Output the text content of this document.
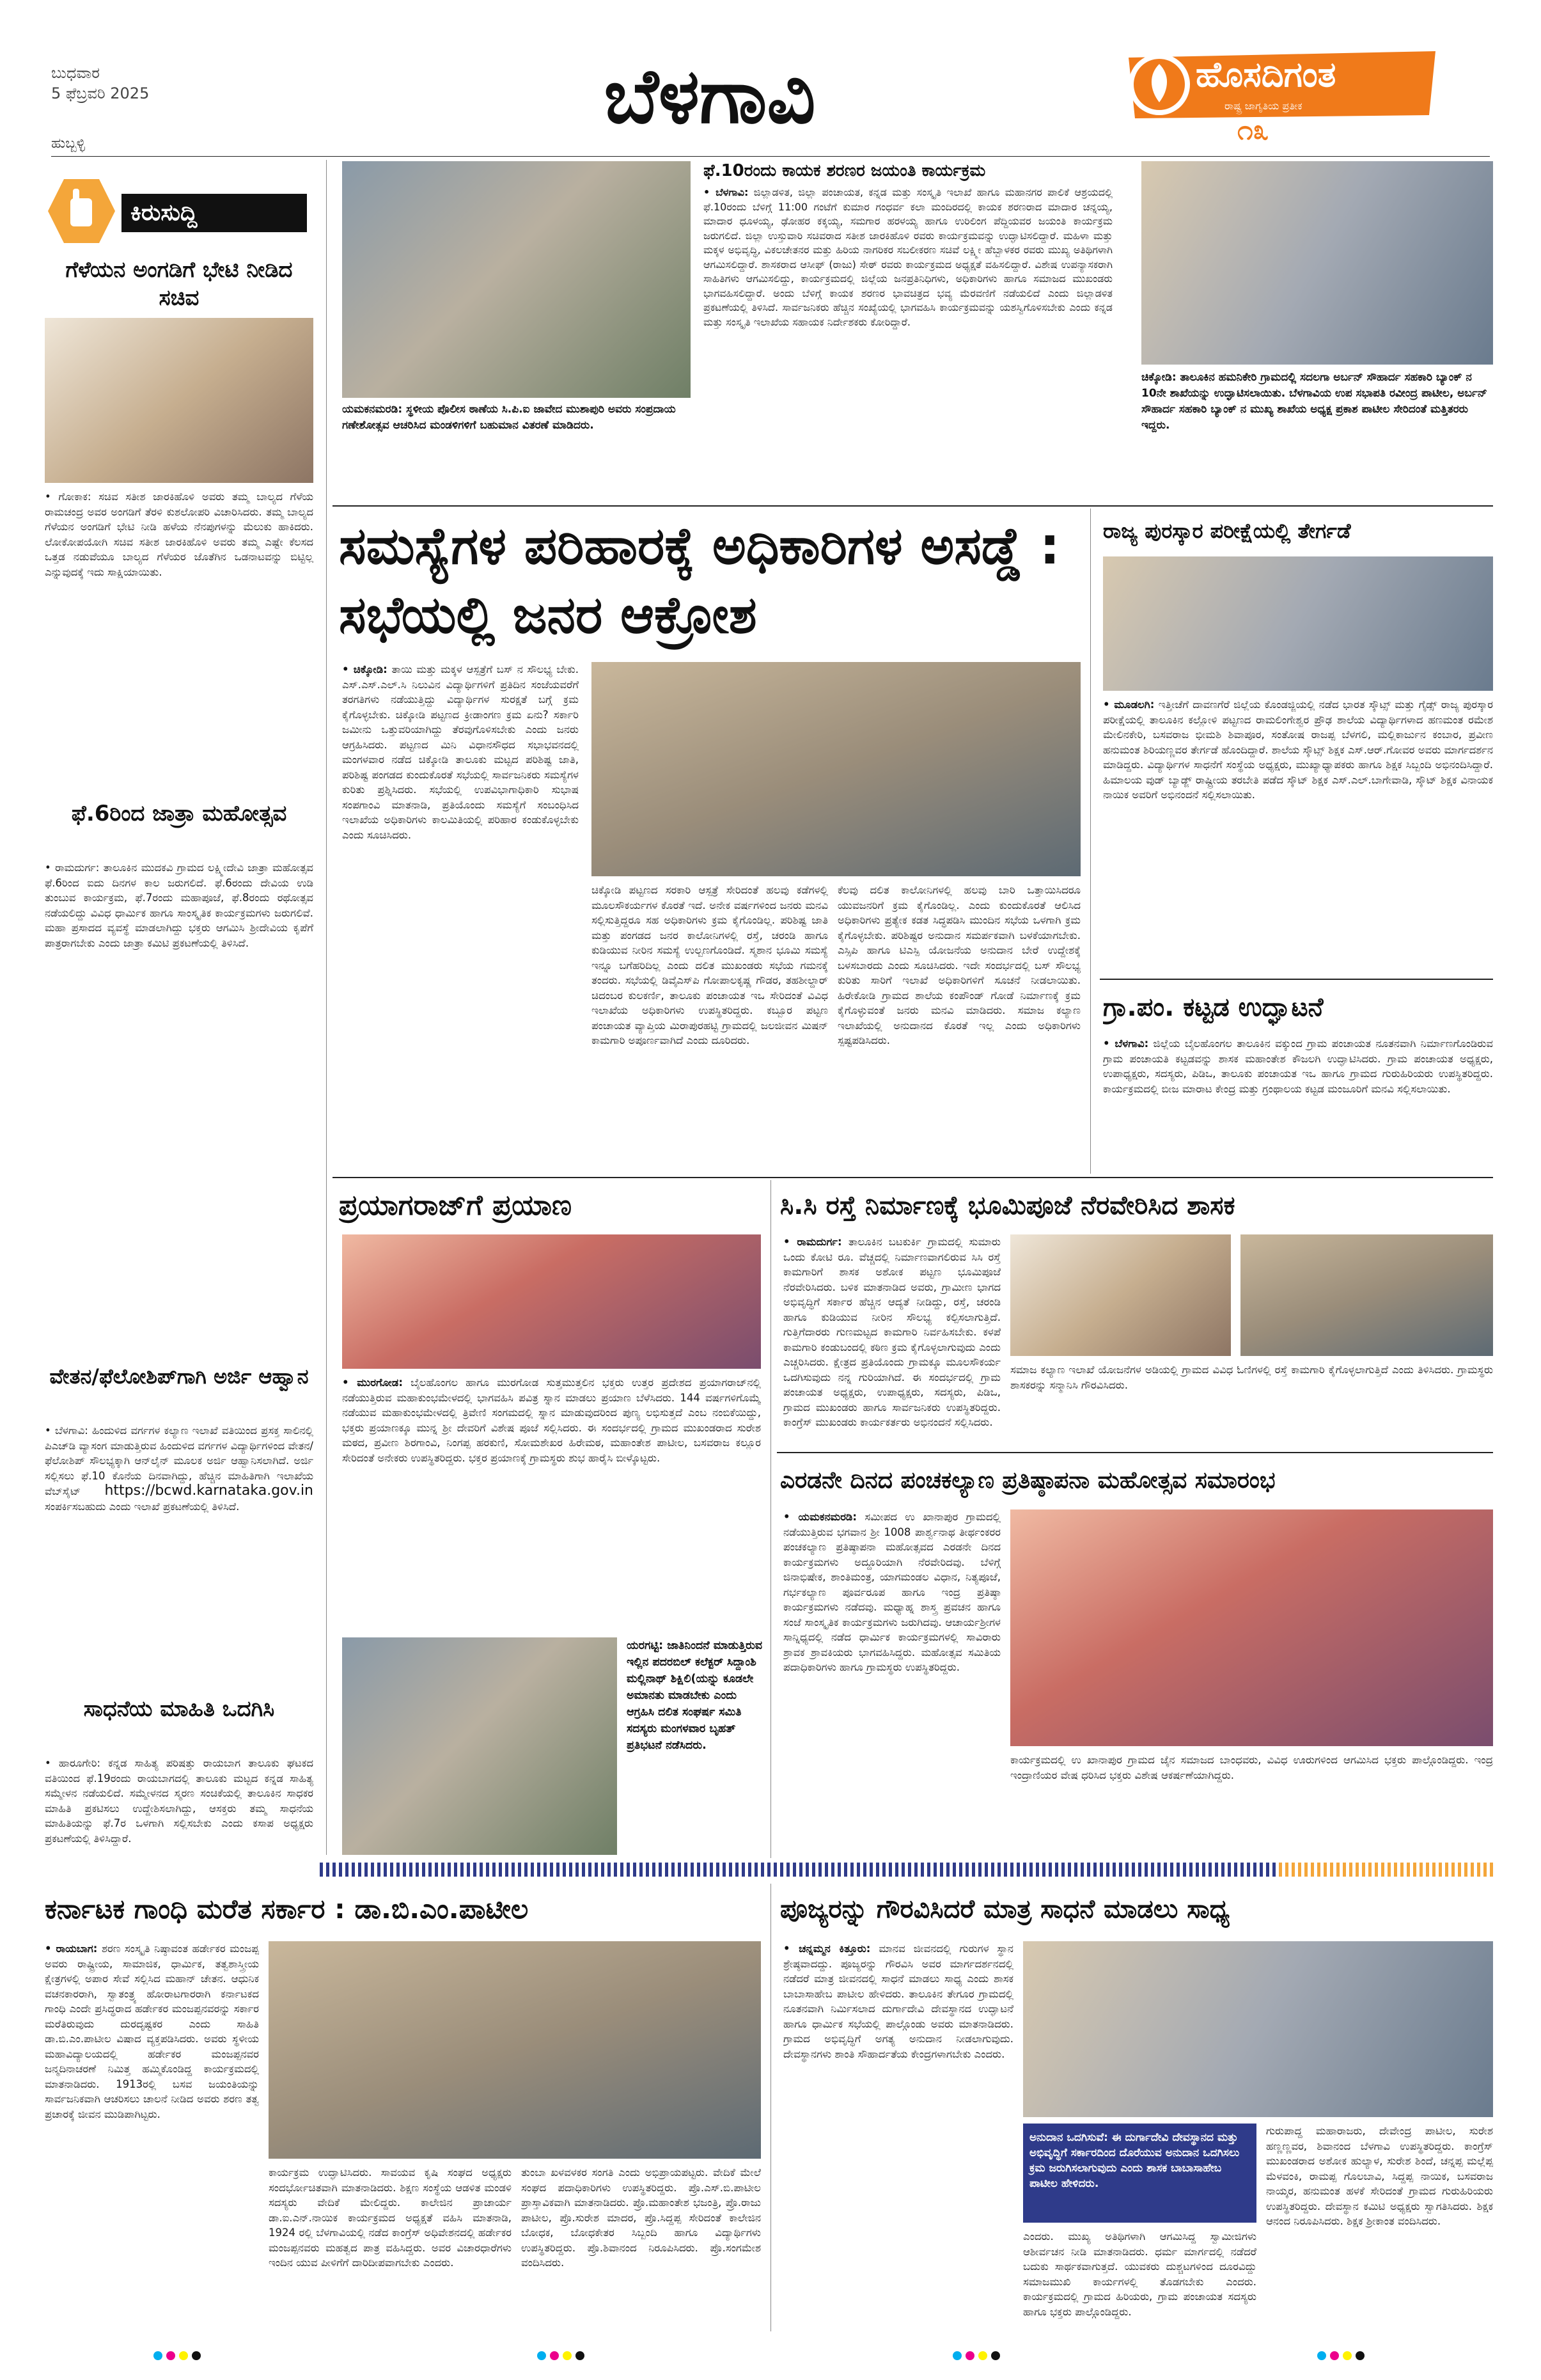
ಬುಧವಾರ
5 ಫೆಬ್ರವರಿ 2025	ಬೆಳಗಾವಿ	ಹೊಸದಿಗಂತ
ರಾಷ್ಟ್ರ ಜಾಗೃತಿಯ ಪ್ರತೀಕ
೧೩
ಹುಬ್ಬಳ್ಳಿ
ಕಿರುಸುದ್ದಿ
ಗೆಳೆಯನ ಅಂಗಡಿಗೆ ಭೇಟಿ ನೀಡಿದ ಸಚಿವ
• ಗೋಕಾಕ: ಸಚಿವ ಸತೀಶ ಜಾರಕಿಹೊಳಿ ಅವರು ತಮ್ಮ ಬಾಲ್ಯದ ಗೆಳೆಯ ರಾಮಚಂದ್ರ ಅವರ ಅಂಗಡಿಗೆ ತೆರಳಿ ಕುಶಲೋಪರಿ ವಿಚಾರಿಸಿದರು. ತಮ್ಮ ಬಾಲ್ಯದ ಗೆಳೆಯನ ಅಂಗಡಿಗೆ ಭೇಟಿ ನೀಡಿ ಹಳೆಯ ನೆನಪುಗಳನ್ನು ಮೆಲುಕು ಹಾಕಿದರು. ಲೋಕೋಪಯೋಗಿ ಸಚಿವ ಸತೀಶ ಜಾರಕಿಹೊಳಿ ಅವರು ತಮ್ಮ ಎಷ್ಟೇ ಕೆಲಸದ ಒತ್ತಡ ನಡುವೆಯೂ ಬಾಲ್ಯದ ಗೆಳೆಯರ ಜೊತೆಗಿನ ಒಡನಾಟವನ್ನು ಬಿಟ್ಟಿಲ್ಲ ಎನ್ನುವುದಕ್ಕೆ ಇದು ಸಾಕ್ಷಿಯಾಯಿತು.
ಫೆ.6ರಿಂದ ಜಾತ್ರಾ ಮಹೋತ್ಸವ
• ರಾಮದುರ್ಗ: ತಾಲೂಕಿನ ಮುದಕವಿ ಗ್ರಾಮದ ಲಕ್ಷ್ಮೀದೇವಿ ಜಾತ್ರಾ ಮಹೋತ್ಸವ ಫೆ.6ರಿಂದ ಐದು ದಿನಗಳ ಕಾಲ ಜರುಗಲಿದೆ. ಫೆ.6ರಂದು ದೇವಿಯ ಉಡಿ ತುಂಬುವ ಕಾರ್ಯಕ್ರಮ, ಫೆ.7ರಂದು ಮಹಾಪೂಜೆ, ಫೆ.8ರಂದು ರಥೋತ್ಸವ ನಡೆಯಲಿದ್ದು ವಿವಿಧ ಧಾರ್ಮಿಕ ಹಾಗೂ ಸಾಂಸ್ಕೃತಿಕ ಕಾರ್ಯಕ್ರಮಗಳು ಜರುಗಲಿವೆ. ಮಹಾ ಪ್ರಸಾದದ ವ್ಯವಸ್ಥೆ ಮಾಡಲಾಗಿದ್ದು ಭಕ್ತರು ಆಗಮಿಸಿ ಶ್ರೀದೇವಿಯ ಕೃಪೆಗೆ ಪಾತ್ರರಾಗಬೇಕು ಎಂದು ಜಾತ್ರಾ ಕಮಿಟಿ ಪ್ರಕಟಣೆಯಲ್ಲಿ ತಿಳಿಸಿದೆ.
ವೇತನ/ಫೆಲೋಶಿಪ್‌ಗಾಗಿ ಅರ್ಜಿ ಆಹ್ವಾನ
• ಬೆಳಗಾವಿ: ಹಿಂದುಳಿದ ವರ್ಗಗಳ ಕಲ್ಯಾಣ ಇಲಾಖೆ ವತಿಯಿಂದ ಪ್ರಸಕ್ತ ಸಾಲಿನಲ್ಲಿ ಪಿಎಚ್‌ಡಿ ವ್ಯಾಸಂಗ ಮಾಡುತ್ತಿರುವ ಹಿಂದುಳಿದ ವರ್ಗಗಳ ವಿದ್ಯಾರ್ಥಿಗಳಿಂದ ವೇತನ/ಫೆಲೋಶಿಪ್ ಸೌಲಭ್ಯಕ್ಕಾಗಿ ಆನ್‌ಲೈನ್ ಮೂಲಕ ಅರ್ಜಿ ಆಹ್ವಾನಿಸಲಾಗಿದೆ. ಅರ್ಜಿ ಸಲ್ಲಿಸಲು ಫೆ.10 ಕೊನೆಯ ದಿನವಾಗಿದ್ದು, ಹೆಚ್ಚಿನ ಮಾಹಿತಿಗಾಗಿ ಇಲಾಖೆಯ ವೆಬ್‌ಸೈಟ್ https://bcwd.karnataka.gov.in ಸಂಪರ್ಕಿಸಬಹುದು ಎಂದು ಇಲಾಖೆ ಪ್ರಕಟಣೆಯಲ್ಲಿ ತಿಳಿಸಿದೆ.
ಸಾಧನೆಯ ಮಾಹಿತಿ ಒದಗಿಸಿ
• ಹಾರೂಗೇರಿ: ಕನ್ನಡ ಸಾಹಿತ್ಯ ಪರಿಷತ್ತು ರಾಯಬಾಗ ತಾಲೂಕು ಘಟಕದ ವತಿಯಿಂದ ಫೆ.19ರಂದು ರಾಯಬಾಗದಲ್ಲಿ ತಾಲೂಕು ಮಟ್ಟದ ಕನ್ನಡ ಸಾಹಿತ್ಯ ಸಮ್ಮೇಳನ ನಡೆಯಲಿದೆ. ಸಮ್ಮೇಳನದ ಸ್ಮರಣ ಸಂಚಿಕೆಯಲ್ಲಿ ತಾಲೂಕಿನ ಸಾಧಕರ ಮಾಹಿತಿ ಪ್ರಕಟಿಸಲು ಉದ್ದೇಶಿಸಲಾಗಿದ್ದು, ಆಸಕ್ತರು ತಮ್ಮ ಸಾಧನೆಯ ಮಾಹಿತಿಯನ್ನು ಫೆ.7ರ ಒಳಗಾಗಿ ಸಲ್ಲಿಸಬೇಕು ಎಂದು ಕಸಾಪ ಅಧ್ಯಕ್ಷರು ಪ್ರಕಟಣೆಯಲ್ಲಿ ತಿಳಿಸಿದ್ದಾರೆ.
ಯಮಕನಮರಡಿ: ಸ್ಥಳೀಯ ಪೊಲೀಸ ಠಾಣೆಯ ಸಿ.ಪಿ.ಐ ಜಾವೇದ ಮುಶಾಪುರಿ ಅವರು ಸಂಪ್ರದಾಯ ಗಣೇಶೋತ್ಸವ ಆಚರಿಸಿದ ಮಂಡಳಿಗಳಿಗೆ ಬಹುಮಾನ ವಿತರಣೆ ಮಾಡಿದರು.
ಫೆ.10ರಂದು ಕಾಯಕ ಶರಣರ ಜಯಂತಿ ಕಾರ್ಯಕ್ರಮ
• ಬೆಳಗಾವಿ: ಜಿಲ್ಲಾಡಳಿತ, ಜಿಲ್ಲಾ ಪಂಚಾಯತ, ಕನ್ನಡ ಮತ್ತು ಸಂಸ್ಕೃತಿ ಇಲಾಖೆ ಹಾಗೂ ಮಹಾನಗರ ಪಾಲಿಕೆ ಆಶ್ರಯದಲ್ಲಿ ಫೆ.10ರಂದು ಬೆಳಿಗ್ಗೆ 11:00 ಗಂಟೆಗೆ ಕುಮಾರ ಗಂಧರ್ವ ಕಲಾ ಮಂದಿರದಲ್ಲಿ ಕಾಯಕ ಶರಣರಾದ ಮಾದಾರ ಚನ್ನಯ್ಯ, ಮಾದಾರ ಧೂಳಯ್ಯ, ಢೋಹರ ಕಕ್ಕಯ್ಯ, ಸಮಗಾರ ಹರಳಯ್ಯ ಹಾಗೂ ಉರಿಲಿಂಗ ಪೆದ್ದಿಯವರ ಜಯಂತಿ ಕಾರ್ಯಕ್ರಮ ಜರುಗಲಿದೆ. ಜಿಲ್ಲಾ ಉಸ್ತುವಾರಿ ಸಚಿವರಾದ ಸತೀಶ ಜಾರಕಿಹೊಳಿ ರವರು ಕಾರ್ಯಕ್ರಮವನ್ನು ಉದ್ಘಾಟಿಸಲಿದ್ದಾರೆ. ಮಹಿಳಾ ಮತ್ತು ಮಕ್ಕಳ ಅಭಿವೃದ್ಧಿ, ವಿಕಲಚೇತನರ ಮತ್ತು ಹಿರಿಯ ನಾಗರಿಕರ ಸಬಲೀಕರಣ ಸಚಿವೆ ಲಕ್ಷ್ಮೀ ಹೆಬ್ಬಾಳಕರ ರವರು ಮುಖ್ಯ ಅತಿಥಿಗಳಾಗಿ ಆಗಮಿಸಲಿದ್ದಾರೆ. ಶಾಸಕರಾದ ಆಸೀಫ್ (ರಾಜು) ಸೇಠ್ ರವರು ಕಾರ್ಯಕ್ರಮದ ಅಧ್ಯಕ್ಷತೆ ವಹಿಸಲಿದ್ದಾರೆ. ವಿಶೇಷ ಉಪನ್ಯಾಸಕರಾಗಿ ಸಾಹಿತಿಗಳು ಆಗಮಿಸಲಿದ್ದು, ಕಾರ್ಯಕ್ರಮದಲ್ಲಿ ಜಿಲ್ಲೆಯ ಜನಪ್ರತಿನಿಧಿಗಳು, ಅಧಿಕಾರಿಗಳು ಹಾಗೂ ಸಮಾಜದ ಮುಖಂಡರು ಭಾಗವಹಿಸಲಿದ್ದಾರೆ. ಅಂದು ಬೆಳಿಗ್ಗೆ ಕಾಯಕ ಶರಣರ ಭಾವಚಿತ್ರದ ಭವ್ಯ ಮೆರವಣಿಗೆ ನಡೆಯಲಿದೆ ಎಂದು ಜಿಲ್ಲಾಡಳಿತ ಪ್ರಕಟಣೆಯಲ್ಲಿ ತಿಳಿಸಿದೆ. ಸಾರ್ವಜನಿಕರು ಹೆಚ್ಚಿನ ಸಂಖ್ಯೆಯಲ್ಲಿ ಭಾಗವಹಿಸಿ ಕಾರ್ಯಕ್ರಮವನ್ನು ಯಶಸ್ವಿಗೊಳಿಸಬೇಕು ಎಂದು ಕನ್ನಡ ಮತ್ತು ಸಂಸ್ಕೃತಿ ಇಲಾಖೆಯ ಸಹಾಯಕ ನಿರ್ದೇಶಕರು ಕೋರಿದ್ದಾರೆ.
ಚಿಕ್ಕೋಡಿ: ತಾಲೂಕಿನ ಹಮನಿಕೇರಿ ಗ್ರಾಮದಲ್ಲಿ ಸದಲಗಾ ಅರ್ಬನ್ ಸೌಹಾರ್ದ ಸಹಕಾರಿ ಬ್ಯಾಂಕ್ ನ 10ನೇ ಶಾಖೆಯನ್ನು ಉದ್ಘಾಟಿಸಲಾಯಿತು. ಬೆಳಗಾವಿಯ ಉಪ ಸಭಾಪತಿ ರವೀಂದ್ರ ಪಾಟೀಲ, ಅರ್ಬನ್ ಸೌಹಾರ್ದ ಸಹಕಾರಿ ಬ್ಯಾಂಕ್ ನ ಮುಖ್ಯ ಶಾಖೆಯ ಅಧ್ಯಕ್ಷ ಪ್ರಕಾಶ ಪಾಟೀಲ ಸೇರಿದಂತೆ ಮತ್ತಿತರರು ಇದ್ದರು.
ಸಮಸ್ಯೆಗಳ ಪರಿಹಾರಕ್ಕೆ ಅಧಿಕಾರಿಗಳ ಅಸಡ್ಡೆ : ಸಭೆಯಲ್ಲಿ ಜನರ ಆಕ್ರೋಶ
• ಚಿಕ್ಕೋಡಿ: ತಾಯಿ ಮತ್ತು ಮಕ್ಕಳ ಆಸ್ಪತ್ರೆಗೆ ಬಸ್ ನ ಸೌಲಭ್ಯ ಬೇಕು. ಎಸ್.ಎಸ್.ಎಲ್.ಸಿ ನಿಲುವಿನ ವಿದ್ಯಾರ್ಥಿಗಳಿಗೆ ಪ್ರತಿದಿನ ಸಂಜೆಯವರೆಗೆ ತರಗತಿಗಳು ನಡೆಯುತ್ತಿದ್ದು ವಿದ್ಯಾರ್ಥಿಗಳ ಸುರಕ್ಷತೆ ಬಗ್ಗೆ ಕ್ರಮ ಕೈಗೊಳ್ಳಬೇಕು. ಚಿಕ್ಕೋಡಿ ಪಟ್ಟಣದ ಕ್ರೀಡಾಂಗಣ ಕ್ರಮ ಏನು? ಸರ್ಕಾರಿ ಜಮೀನು ಒತ್ತುವರಿಯಾಗಿದ್ದು ತೆರವುಗೊಳಿಸಬೇಕು ಎಂದು ಜನರು ಆಗ್ರಹಿಸಿದರು. ಪಟ್ಟಣದ ಮಿನಿ ವಿಧಾನಸೌಧದ ಸಭಾಭವನದಲ್ಲಿ ಮಂಗಳವಾರ ನಡೆದ ಚಿಕ್ಕೋಡಿ ತಾಲೂಕು ಮಟ್ಟದ ಪರಿಶಿಷ್ಟ ಜಾತಿ, ಪರಿಶಿಷ್ಟ ಪಂಗಡದ ಕುಂದುಕೊರತೆ ಸಭೆಯಲ್ಲಿ ಸಾರ್ವಜನಿಕರು ಸಮಸ್ಯೆಗಳ ಕುರಿತು ಪ್ರಶ್ನಿಸಿದರು. ಸಭೆಯಲ್ಲಿ ಉಪವಿಭಾಗಾಧಿಕಾರಿ ಸುಭಾಷ ಸಂಪಗಾಂವಿ ಮಾತನಾಡಿ, ಪ್ರತಿಯೊಂದು ಸಮಸ್ಯೆಗೆ ಸಂಬಂಧಿಸಿದ ಇಲಾಖೆಯ ಅಧಿಕಾರಿಗಳು ಕಾಲಮಿತಿಯಲ್ಲಿ ಪರಿಹಾರ ಕಂಡುಕೊಳ್ಳಬೇಕು ಎಂದು ಸೂಚಿಸಿದರು.
ಚಿಕ್ಕೋಡಿ ಪಟ್ಟಣದ ಸರಕಾರಿ ಆಸ್ಪತ್ರೆ ಸೇರಿದಂತೆ ಹಲವು ಕಡೆಗಳಲ್ಲಿ ಮೂಲಸೌಕರ್ಯಗಳ ಕೊರತೆ ಇದೆ. ಅನೇಕ ವರ್ಷಗಳಿಂದ ಜನರು ಮನವಿ ಸಲ್ಲಿಸುತ್ತಿದ್ದರೂ ಸಹ ಅಧಿಕಾರಿಗಳು ಕ್ರಮ ಕೈಗೊಂಡಿಲ್ಲ. ಪರಿಶಿಷ್ಟ ಜಾತಿ ಮತ್ತು ಪಂಗಡದ ಜನರ ಕಾಲೋನಿಗಳಲ್ಲಿ ರಸ್ತೆ, ಚರಂಡಿ ಹಾಗೂ ಕುಡಿಯುವ ನೀರಿನ ಸಮಸ್ಯೆ ಉಲ್ಬಣಗೊಂಡಿದೆ. ಸ್ಮಶಾನ ಭೂಮಿ ಸಮಸ್ಯೆ ಇನ್ನೂ ಬಗೆಹರಿದಿಲ್ಲ ಎಂದು ದಲಿತ ಮುಖಂಡರು ಸಭೆಯ ಗಮನಕ್ಕೆ ತಂದರು. ಸಭೆಯಲ್ಲಿ ಡಿವೈಎಸ್‌ಪಿ ಗೋಪಾಲಕೃಷ್ಣ ಗೌಡರ, ತಹಶೀಲ್ದಾರ್ ಚಿದಂಬರ ಕುಲಕರ್ಣಿ, ತಾಲೂಕು ಪಂಚಾಯತ ಇಒ ಸೇರಿದಂತೆ ವಿವಿಧ ಇಲಾಖೆಯ ಅಧಿಕಾರಿಗಳು ಉಪಸ್ಥಿತರಿದ್ದರು. ಕಬ್ಬೂರ ಪಟ್ಟಣ ಪಂಚಾಯತ ವ್ಯಾಪ್ತಿಯ ಮಿರಾಪುರಹಟ್ಟಿ ಗ್ರಾಮದಲ್ಲಿ ಜಲಜೀವನ ಮಿಷನ್ ಕಾಮಗಾರಿ ಅಪೂರ್ಣವಾಗಿದೆ ಎಂದು ದೂರಿದರು.
ಕೆಲವು ದಲಿತ ಕಾಲೋನಿಗಳಲ್ಲಿ ಹಲವು ಬಾರಿ ಒತ್ತಾಯಿಸಿದರೂ ಯುವಜನರಿಗೆ ಕ್ರಮ ಕೈಗೊಂಡಿಲ್ಲ. ಎಂದು ಕುಂದುಕೊರತೆ ಆಲಿಸಿದ ಅಧಿಕಾರಿಗಳು ಪ್ರತ್ಯೇಕ ಕಡತ ಸಿದ್ಧಪಡಿಸಿ ಮುಂದಿನ ಸಭೆಯ ಒಳಗಾಗಿ ಕ್ರಮ ಕೈಗೊಳ್ಳಬೇಕು. ಪರಿಶಿಷ್ಟರ ಅನುದಾನ ಸಮರ್ಪಕವಾಗಿ ಬಳಕೆಯಾಗಬೇಕು. ಎಸ್ಸಿಪಿ ಹಾಗೂ ಟಿಎಸ್ಪಿ ಯೋಜನೆಯ ಅನುದಾನ ಬೇರೆ ಉದ್ದೇಶಕ್ಕೆ ಬಳಸಬಾರದು ಎಂದು ಸೂಚಿಸಿದರು. ಇದೇ ಸಂದರ್ಭದಲ್ಲಿ ಬಸ್ ಸೌಲಭ್ಯ ಕುರಿತು ಸಾರಿಗೆ ಇಲಾಖೆ ಅಧಿಕಾರಿಗಳಿಗೆ ಸೂಚನೆ ನೀಡಲಾಯಿತು. ಹಿರೇಕೋಡಿ ಗ್ರಾಮದ ಶಾಲೆಯ ಕಂಪೌಂಡ್ ಗೋಡೆ ನಿರ್ಮಾಣಕ್ಕೆ ಕ್ರಮ ಕೈಗೊಳ್ಳುವಂತೆ ಜನರು ಮನವಿ ಮಾಡಿದರು. ಸಮಾಜ ಕಲ್ಯಾಣ ಇಲಾಖೆಯಲ್ಲಿ ಅನುದಾನದ ಕೊರತೆ ಇಲ್ಲ ಎಂದು ಅಧಿಕಾರಿಗಳು ಸ್ಪಷ್ಟಪಡಿಸಿದರು.
ರಾಜ್ಯ ಪುರಸ್ಕಾರ ಪರೀಕ್ಷೆಯಲ್ಲಿ ತೇರ್ಗಡೆ
• ಮೂಡಲಗಿ: ಇತ್ತೀಚೆಗೆ ದಾವಣಗೆರೆ ಜಿಲ್ಲೆಯ ಕೊಂಡಜ್ಜಿಯಲ್ಲಿ ನಡೆದ ಭಾರತ ಸ್ಕೌಟ್ಸ್ ಮತ್ತು ಗೈಡ್ಸ್ ರಾಜ್ಯ ಪುರಸ್ಕಾರ ಪರೀಕ್ಷೆಯಲ್ಲಿ ತಾಲೂಕಿನ ಕಲ್ಲೋಳಿ ಪಟ್ಟಣದ ರಾಮಲಿಂಗೇಶ್ವರ ಪ್ರೌಢ ಶಾಲೆಯ ವಿದ್ಯಾರ್ಥಿಗಳಾದ ಹಣಮಂತ ರಮೇಶ ಮೇಲಿನಕೇರಿ, ಬಸವರಾಜ ಭೀಮಶಿ ಶಿವಾಪೂರ, ಸಂತೋಷ ರಾಜಪ್ಪ ಬೆಳಗಲಿ, ಮಲ್ಲಿಕಾರ್ಜುನ ಕಂಬಾರ, ಪ್ರವೀಣ ಹನುಮಂತ ಶಿರಿಯಣ್ಣವರ ತೇರ್ಗಡೆ ಹೊಂದಿದ್ದಾರೆ. ಶಾಲೆಯ ಸ್ಕೌಟ್ಸ್ ಶಿಕ್ಷಕ ಎಸ್.ಆರ್.ಗೋವರ ಅವರು ಮಾರ್ಗದರ್ಶನ ಮಾಡಿದ್ದರು. ವಿದ್ಯಾರ್ಥಿಗಳ ಸಾಧನೆಗೆ ಸಂಸ್ಥೆಯ ಅಧ್ಯಕ್ಷರು, ಮುಖ್ಯಾಧ್ಯಾಪಕರು ಹಾಗೂ ಶಿಕ್ಷಕ ಸಿಬ್ಬಂದಿ ಅಭಿನಂದಿಸಿದ್ದಾರೆ. ಹಿಮಾಲಯ ವುಡ್ ಬ್ಯಾಡ್ಜ್ ರಾಷ್ಟ್ರೀಯ ತರಬೇತಿ ಪಡೆದ ಸ್ಕೌಟ್ ಶಿಕ್ಷಕ ಎಸ್.ಎಲ್.ಬಾಗೇವಾಡಿ, ಸ್ಕೌಟ್ ಶಿಕ್ಷಕ ವಿನಾಯಕ ನಾಯಿಕ ಅವರಿಗೆ ಅಭಿನಂದನೆ ಸಲ್ಲಿಸಲಾಯಿತು.
ಗ್ರಾ.ಪಂ. ಕಟ್ಟಡ ಉದ್ಘಾಟನೆ
• ಬೆಳಗಾವಿ: ಜಿಲ್ಲೆಯ ಬೈಲಹೊಂಗಲ ತಾಲೂಕಿನ ವಕ್ಕುಂದ ಗ್ರಾಮ ಪಂಚಾಯತ ನೂತನವಾಗಿ ನಿರ್ಮಾಣಗೊಂಡಿರುವ ಗ್ರಾಮ ಪಂಚಾಯತಿ ಕಟ್ಟಡವನ್ನು ಶಾಸಕ ಮಹಾಂತೇಶ ಕೌಜಲಗಿ ಉದ್ಘಾಟಿಸಿದರು. ಗ್ರಾಮ ಪಂಚಾಯತ ಅಧ್ಯಕ್ಷರು, ಉಪಾಧ್ಯಕ್ಷರು, ಸದಸ್ಯರು, ಪಿಡಿಒ, ತಾಲೂಕು ಪಂಚಾಯತ ಇಒ ಹಾಗೂ ಗ್ರಾಮದ ಗುರುಹಿರಿಯರು ಉಪಸ್ಥಿತರಿದ್ದರು. ಕಾರ್ಯಕ್ರಮದಲ್ಲಿ ಬೀಜ ಮಾರಾಟ ಕೇಂದ್ರ ಮತ್ತು ಗ್ರಂಥಾಲಯ ಕಟ್ಟಡ ಮಂಜೂರಿಗೆ ಮನವಿ ಸಲ್ಲಿಸಲಾಯಿತು.
ಪ್ರಯಾಗರಾಜ್‌ಗೆ ಪ್ರಯಾಣ
• ಮುರಗೋಡ: ಬೈಲಹೊಂಗಲ ಹಾಗೂ ಮುರಗೋಡ ಸುತ್ತಮುತ್ತಲಿನ ಭಕ್ತರು ಉತ್ತರ ಪ್ರದೇಶದ ಪ್ರಯಾಗರಾಜ್‌ನಲ್ಲಿ ನಡೆಯುತ್ತಿರುವ ಮಹಾಕುಂಭಮೇಳದಲ್ಲಿ ಭಾಗವಹಿಸಿ ಪವಿತ್ರ ಸ್ನಾನ ಮಾಡಲು ಪ್ರಯಾಣ ಬೆಳೆಸಿದರು. 144 ವರ್ಷಗಳಿಗೊಮ್ಮೆ ನಡೆಯುವ ಮಹಾಕುಂಭಮೇಳದಲ್ಲಿ ತ್ರಿವೇಣಿ ಸಂಗಮದಲ್ಲಿ ಸ್ನಾನ ಮಾಡುವುದರಿಂದ ಪುಣ್ಯ ಲಭಿಸುತ್ತದೆ ಎಂಬ ನಂಬಿಕೆಯಿದ್ದು, ಭಕ್ತರು ಪ್ರಯಾಣಕ್ಕೂ ಮುನ್ನ ಶ್ರೀ ದೇವರಿಗೆ ವಿಶೇಷ ಪೂಜೆ ಸಲ್ಲಿಸಿದರು. ಈ ಸಂದರ್ಭದಲ್ಲಿ ಗ್ರಾಮದ ಮುಖಂಡರಾದ ಸುರೇಶ ಮಠದ, ಪ್ರವೀಣ ಶಿರಗಾಂವಿ, ನಿಂಗಪ್ಪ ಹರಕುಣಿ, ಸೋಮಶೇಖರ ಹಿರೇಮಠ, ಮಹಾಂತೇಶ ಪಾಟೀಲ, ಬಸವರಾಜ ಕಲ್ಲೂರ ಸೇರಿದಂತೆ ಅನೇಕರು ಉಪಸ್ಥಿತರಿದ್ದರು. ಭಕ್ತರ ಪ್ರಯಾಣಕ್ಕೆ ಗ್ರಾಮಸ್ಥರು ಶುಭ ಹಾರೈಸಿ ಬೀಳ್ಕೊಟ್ಟರು.
ಯರಗಟ್ಟಿ: ಜಾತಿನಿಂದನೆ ಮಾಡುತ್ತಿರುವ ಇಲ್ಲಿನ ಪದರಬಿಲ್ ಕಲೆಕ್ಟರ್ ಸಿದ್ದಾಂಶಿ ಮಲ್ಲಿನಾಥ್ ಶಿಕ್ಷಿಲಿ(ಯನ್ನು ಕೂಡಲೇ ಅಮಾನತು ಮಾಡಬೇಕು ಎಂದು ಆಗ್ರಹಿಸಿ ದಲಿತ ಸಂಘರ್ಷ ಸಮಿತಿ ಸದಸ್ಯರು ಮಂಗಳವಾರ ಬೃಹತ್ ಪ್ರತಿಭಟನೆ ನಡೆಸಿದರು.
ಸಿ.ಸಿ ರಸ್ತೆ ನಿರ್ಮಾಣಕ್ಕೆ ಭೂಮಿಪೂಜೆ ನೆರವೇರಿಸಿದ ಶಾಸಕ
• ರಾಮದುರ್ಗ: ತಾಲೂಕಿನ ಬಟಕುರ್ಕಿ ಗ್ರಾಮದಲ್ಲಿ ಸುಮಾರು ಒಂದು ಕೋಟಿ ರೂ. ವೆಚ್ಚದಲ್ಲಿ ನಿರ್ಮಾಣವಾಗಲಿರುವ ಸಿಸಿ ರಸ್ತೆ ಕಾಮಗಾರಿಗೆ ಶಾಸಕ ಅಶೋಕ ಪಟ್ಟಣ ಭೂಮಿಪೂಜೆ ನೆರವೇರಿಸಿದರು. ಬಳಿಕ ಮಾತನಾಡಿದ ಅವರು, ಗ್ರಾಮೀಣ ಭಾಗದ ಅಭಿವೃದ್ಧಿಗೆ ಸರ್ಕಾರ ಹೆಚ್ಚಿನ ಆದ್ಯತೆ ನೀಡಿದ್ದು, ರಸ್ತೆ, ಚರಂಡಿ ಹಾಗೂ ಕುಡಿಯುವ ನೀರಿನ ಸೌಲಭ್ಯ ಕಲ್ಪಿಸಲಾಗುತ್ತಿದೆ. ಗುತ್ತಿಗೆದಾರರು ಗುಣಮಟ್ಟದ ಕಾಮಗಾರಿ ನಿರ್ವಹಿಸಬೇಕು. ಕಳಪೆ ಕಾಮಗಾರಿ ಕಂಡುಬಂದಲ್ಲಿ ಕಠಿಣ ಕ್ರಮ ಕೈಗೊಳ್ಳಲಾಗುವುದು ಎಂದು ಎಚ್ಚರಿಸಿದರು. ಕ್ಷೇತ್ರದ ಪ್ರತಿಯೊಂದು ಗ್ರಾಮಕ್ಕೂ ಮೂಲಸೌಕರ್ಯ ಒದಗಿಸುವುದು ನನ್ನ ಗುರಿಯಾಗಿದೆ. ಈ ಸಂದರ್ಭದಲ್ಲಿ ಗ್ರಾಮ ಪಂಚಾಯತ ಅಧ್ಯಕ್ಷರು, ಉಪಾಧ್ಯಕ್ಷರು, ಸದಸ್ಯರು, ಪಿಡಿಒ, ಗ್ರಾಮದ ಮುಖಂಡರು ಹಾಗೂ ಸಾರ್ವಜನಿಕರು ಉಪಸ್ಥಿತರಿದ್ದರು. ಕಾಂಗ್ರೆಸ್ ಮುಖಂಡರು ಕಾರ್ಯಕರ್ತರು ಅಭಿನಂದನೆ ಸಲ್ಲಿಸಿದರು.
ಸಮಾಜ ಕಲ್ಯಾಣ ಇಲಾಖೆ ಯೋಜನೆಗಳ ಅಡಿಯಲ್ಲಿ ಗ್ರಾಮದ ವಿವಿಧ ಓಣಿಗಳಲ್ಲಿ ರಸ್ತೆ ಕಾಮಗಾರಿ ಕೈಗೊಳ್ಳಲಾಗುತ್ತಿದೆ ಎಂದು ತಿಳಿಸಿದರು. ಗ್ರಾಮಸ್ಥರು ಶಾಸಕರನ್ನು ಸನ್ಮಾನಿಸಿ ಗೌರವಿಸಿದರು.
ಎರಡನೇ ದಿನದ ಪಂಚಕಲ್ಯಾಣ ಪ್ರತಿಷ್ಠಾಪನಾ ಮಹೋತ್ಸವ ಸಮಾರಂಭ
• ಯಮಕನಮರಡಿ: ಸಮೀಪದ ಉ ಖಾನಾಪುರ ಗ್ರಾಮದಲ್ಲಿ ನಡೆಯುತ್ತಿರುವ ಭಗವಾನ ಶ್ರೀ 1008 ಪಾರ್ಶ್ವನಾಥ ತೀರ್ಥಂಕರರ ಪಂಚಕಲ್ಯಾಣ ಪ್ರತಿಷ್ಠಾಪನಾ ಮಹೋತ್ಸವದ ಎರಡನೇ ದಿನದ ಕಾರ್ಯಕ್ರಮಗಳು ಅದ್ದೂರಿಯಾಗಿ ನೆರವೇರಿದವು. ಬೆಳಿಗ್ಗೆ ಜಿನಾಭಿಷೇಕ, ಶಾಂತಿಮಂತ್ರ, ಯಾಗಮಂಡಲ ವಿಧಾನ, ನಿತ್ಯಪೂಜೆ, ಗರ್ಭಕಲ್ಯಾಣ ಪೂರ್ವರೂಪ ಹಾಗೂ ಇಂದ್ರ ಪ್ರತಿಷ್ಠಾ ಕಾರ್ಯಕ್ರಮಗಳು ನಡೆದವು. ಮಧ್ಯಾಹ್ನ ಶಾಸ್ತ್ರ ಪ್ರವಚನ ಹಾಗೂ ಸಂಜೆ ಸಾಂಸ್ಕೃತಿಕ ಕಾರ್ಯಕ್ರಮಗಳು ಜರುಗಿದವು. ಆಚಾರ್ಯಶ್ರೀಗಳ ಸಾನ್ನಿಧ್ಯದಲ್ಲಿ ನಡೆದ ಧಾರ್ಮಿಕ ಕಾರ್ಯಕ್ರಮಗಳಲ್ಲಿ ಸಾವಿರಾರು ಶ್ರಾವಕ ಶ್ರಾವಕಿಯರು ಭಾಗವಹಿಸಿದ್ದರು. ಮಹೋತ್ಸವ ಸಮಿತಿಯ ಪದಾಧಿಕಾರಿಗಳು ಹಾಗೂ ಗ್ರಾಮಸ್ಥರು ಉಪಸ್ಥಿತರಿದ್ದರು.
ಕಾರ್ಯಕ್ರಮದಲ್ಲಿ ಉ ಖಾನಾಪುರ ಗ್ರಾಮದ ಜೈನ ಸಮಾಜದ ಬಾಂಧವರು, ವಿವಿಧ ಊರುಗಳಿಂದ ಆಗಮಿಸಿದ ಭಕ್ತರು ಪಾಲ್ಗೊಂಡಿದ್ದರು. ಇಂದ್ರ ಇಂದ್ರಾಣಿಯರ ವೇಷ ಧರಿಸಿದ ಭಕ್ತರು ವಿಶೇಷ ಆಕರ್ಷಣೆಯಾಗಿದ್ದರು.
ಕರ್ನಾಟಕ ಗಾಂಧಿ ಮರೆತ ಸರ್ಕಾರ : ಡಾ.ಬಿ.ಎಂ.ಪಾಟೀಲ
• ರಾಯಬಾಗ: ಶರಣ ಸಂಸ್ಕೃತಿ ನಿಷ್ಠಾವಂತ ಹರ್ಡೇಕರ ಮಂಜಪ್ಪ ಅವರು ರಾಷ್ಟ್ರೀಯ, ಸಾಮಾಜಿಕ, ಧಾರ್ಮಿಕ, ತತ್ವಶಾಸ್ತ್ರೀಯ ಕ್ಷೇತ್ರಗಳಲ್ಲಿ ಅಪಾರ ಸೇವೆ ಸಲ್ಲಿಸಿದ ಮಹಾನ್ ಚೇತನ. ಆಧುನಿಕ ವಚನಕಾರರಾಗಿ, ಸ್ವಾತಂತ್ರ್ಯ ಹೋರಾಟಗಾರರಾಗಿ ಕರ್ನಾಟಕದ ಗಾಂಧಿ ಎಂದೇ ಪ್ರಸಿದ್ಧರಾದ ಹರ್ಡೇಕರ ಮಂಜಪ್ಪನವರನ್ನು ಸರ್ಕಾರ ಮರೆತಿರುವುದು ದುರದೃಷ್ಟಕರ ಎಂದು ಸಾಹಿತಿ ಡಾ.ಬಿ.ಎಂ.ಪಾಟೀಲ ವಿಷಾದ ವ್ಯಕ್ತಪಡಿಸಿದರು. ಅವರು ಸ್ಥಳೀಯ ಮಹಾವಿದ್ಯಾಲಯದಲ್ಲಿ ಹರ್ಡೇಕರ ಮಂಜಪ್ಪನವರ ಜನ್ಮದಿನಾಚರಣೆ ನಿಮಿತ್ತ ಹಮ್ಮಿಕೊಂಡಿದ್ದ ಕಾರ್ಯಕ್ರಮದಲ್ಲಿ ಮಾತನಾಡಿದರು. 1913ರಲ್ಲಿ ಬಸವ ಜಯಂತಿಯನ್ನು ಸಾರ್ವಜನಿಕವಾಗಿ ಆಚರಿಸಲು ಚಾಲನೆ ನೀಡಿದ ಅವರು ಶರಣ ತತ್ವ ಪ್ರಚಾರಕ್ಕೆ ಜೀವನ ಮುಡಿಪಾಗಿಟ್ಟರು.
ಕಾರ್ಯಕ್ರಮ ಉದ್ಘಾಟಿಸಿದರು. ಸಾವಯವ ಕೃಷಿ ಸಂಘದ ಅಧ್ಯಕ್ಷರು ಸಂದರ್ಭೋಚಿತವಾಗಿ ಮಾತನಾಡಿದರು. ಶಿಕ್ಷಣ ಸಂಸ್ಥೆಯ ಆಡಳಿತ ಮಂಡಳಿ ಸದಸ್ಯರು ವೇದಿಕೆ ಮೇಲಿದ್ದರು. ಕಾಲೇಜಿನ ಪ್ರಾಚಾರ್ಯ ಡಾ.ಐ.ಎನ್.ನಾಯಿಕ ಕಾರ್ಯಕ್ರಮದ ಅಧ್ಯಕ್ಷತೆ ವಹಿಸಿ ಮಾತನಾಡಿ, 1924 ರಲ್ಲಿ ಬೆಳಗಾವಿಯಲ್ಲಿ ನಡೆದ ಕಾಂಗ್ರೆಸ್ ಅಧಿವೇಶನದಲ್ಲಿ ಹರ್ಡೇಕರ ಮಂಜಪ್ಪನವರು ಮಹತ್ವದ ಪಾತ್ರ ವಹಿಸಿದ್ದರು. ಅವರ ವಿಚಾರಧಾರೆಗಳು ಇಂದಿನ ಯುವ ಪೀಳಿಗೆಗೆ ದಾರಿದೀಪವಾಗಬೇಕು ಎಂದರು.
ತುಂಬಾ ಖಳವಳಕರ ಸಂಗತಿ ಎಂದು ಅಭಿಪ್ರಾಯಪಟ್ಟರು. ವೇದಿಕೆ ಮೇಲೆ ಸಂಘದ ಪದಾಧಿಕಾರಿಗಳು ಉಪಸ್ಥಿತರಿದ್ದರು. ಪ್ರೊ.ಎಸ್.ಬಿ.ಪಾಟೀಲ ಪ್ರಾಸ್ತಾವಿಕವಾಗಿ ಮಾತನಾಡಿದರು. ಪ್ರೊ.ಮಹಾಂತೇಶ ಭಜಂತ್ರಿ, ಪ್ರೊ.ರಾಜು ಪಾಟೀಲ, ಪ್ರೊ.ಸುರೇಶ ಮಾದರ, ಪ್ರೊ.ಸಿದ್ದಪ್ಪ ಸೇರಿದಂತೆ ಕಾಲೇಜಿನ ಬೋಧಕ, ಬೋಧಕೇತರ ಸಿಬ್ಬಂದಿ ಹಾಗೂ ವಿದ್ಯಾರ್ಥಿಗಳು ಉಪಸ್ಥಿತರಿದ್ದರು. ಪ್ರೊ.ಶಿವಾನಂದ ನಿರೂಪಿಸಿದರು. ಪ್ರೊ.ಸಂಗಮೇಶ ವಂದಿಸಿದರು.
ಪೂಜ್ಯರನ್ನು ಗೌರವಿಸಿದರೆ ಮಾತ್ರ ಸಾಧನೆ ಮಾಡಲು ಸಾಧ್ಯ
• ಚನ್ನಮ್ಮನ ಕಿತ್ತೂರು: ಮಾನವ ಜೀವನದಲ್ಲಿ ಗುರುಗಳ ಸ್ಥಾನ ಶ್ರೇಷ್ಠವಾದದ್ದು. ಪೂಜ್ಯರನ್ನು ಗೌರವಿಸಿ ಅವರ ಮಾರ್ಗದರ್ಶನದಲ್ಲಿ ನಡೆದರೆ ಮಾತ್ರ ಜೀವನದಲ್ಲಿ ಸಾಧನೆ ಮಾಡಲು ಸಾಧ್ಯ ಎಂದು ಶಾಸಕ ಬಾಬಾಸಾಹೇಬ ಪಾಟೀಲ ಹೇಳಿದರು. ತಾಲೂಕಿನ ತೇಗೂರ ಗ್ರಾಮದಲ್ಲಿ ನೂತನವಾಗಿ ನಿರ್ಮಿಸಲಾದ ದುರ್ಗಾದೇವಿ ದೇವಸ್ಥಾನದ ಉದ್ಘಾಟನೆ ಹಾಗೂ ಧಾರ್ಮಿಕ ಸಭೆಯಲ್ಲಿ ಪಾಲ್ಗೊಂಡು ಅವರು ಮಾತನಾಡಿದರು. ಗ್ರಾಮದ ಅಭಿವೃದ್ಧಿಗೆ ಅಗತ್ಯ ಅನುದಾನ ನೀಡಲಾಗುವುದು. ದೇವಸ್ಥಾನಗಳು ಶಾಂತಿ ಸೌಹಾರ್ದತೆಯ ಕೇಂದ್ರಗಳಾಗಬೇಕು ಎಂದರು.
ಅನುದಾನ ಒದಗಿಸುವೆ: ಈ ದುರ್ಗಾದೇವಿ ದೇವಸ್ಥಾನದ ಮತ್ತು ಅಭಿವೃದ್ಧಿಗೆ ಸರ್ಕಾರದಿಂದ ದೊರೆಯುವ ಅನುದಾನ ಒದಗಿಸಲು ಕ್ರಮ ಜರುಗಿಸಲಾಗುವುದು ಎಂದು ಶಾಸಕ ಬಾಬಾಸಾಹೇಬ ಪಾಟೀಲ ಹೇಳಿದರು.
ಎಂದರು. ಮುಖ್ಯ ಅತಿಥಿಗಳಾಗಿ ಆಗಮಿಸಿದ್ದ ಸ್ವಾಮೀಜಿಗಳು ಆಶೀರ್ವಚನ ನೀಡಿ ಮಾತನಾಡಿದರು. ಧರ್ಮ ಮಾರ್ಗದಲ್ಲಿ ನಡೆದರೆ ಬದುಕು ಸಾರ್ಥಕವಾಗುತ್ತದೆ. ಯುವಕರು ದುಶ್ಚಟಗಳಿಂದ ದೂರವಿದ್ದು ಸಮಾಜಮುಖಿ ಕಾರ್ಯಗಳಲ್ಲಿ ತೊಡಗಬೇಕು ಎಂದರು. ಕಾರ್ಯಕ್ರಮದಲ್ಲಿ ಗ್ರಾಮದ ಹಿರಿಯರು, ಗ್ರಾಮ ಪಂಚಾಯತ ಸದಸ್ಯರು ಹಾಗೂ ಭಕ್ತರು ಪಾಲ್ಗೊಂಡಿದ್ದರು.
ಗುರುಪಾದ್ದ ಮಹಾರಾಜರು, ದೇವೇಂದ್ರ ಪಾಟೀಲ, ಸುರೇಶ ಹಣ್ಣಣ್ಣವರ, ಶಿವಾನಂದ ಬೆಳಗಾವಿ ಉಪಸ್ಥಿತರಿದ್ದರು. ಕಾಂಗ್ರೆಸ್ ಮುಖಂಡರಾದ ಅಶೋಕ ಹುಲ್ಯಾಳ, ಸುರೇಶ ಶಿಂದೆ, ಚನ್ನಪ್ಪ ಮಲ್ಲೆಪ್ಪ ಮೆಳವಂಕಿ, ರಾಮಪ್ಪ ಗೊಲಬಾವಿ, ಸಿದ್ದಪ್ಪ ನಾಯಿಕ, ಬಸವರಾಜ ನಾಯ್ಕರ, ಹನುಮಂತ ಹಳಕೆ ಸೇರಿದಂತೆ ಗ್ರಾಮದ ಗುರುಹಿರಿಯರು ಉಪಸ್ಥಿತರಿದ್ದರು. ದೇವಸ್ಥಾನ ಕಮಿಟಿ ಅಧ್ಯಕ್ಷರು ಸ್ವಾಗತಿಸಿದರು. ಶಿಕ್ಷಕ ಆನಂದ ನಿರೂಪಿಸಿದರು. ಶಿಕ್ಷಕ ಶ್ರೀಕಾಂತ ವಂದಿಸಿದರು.
